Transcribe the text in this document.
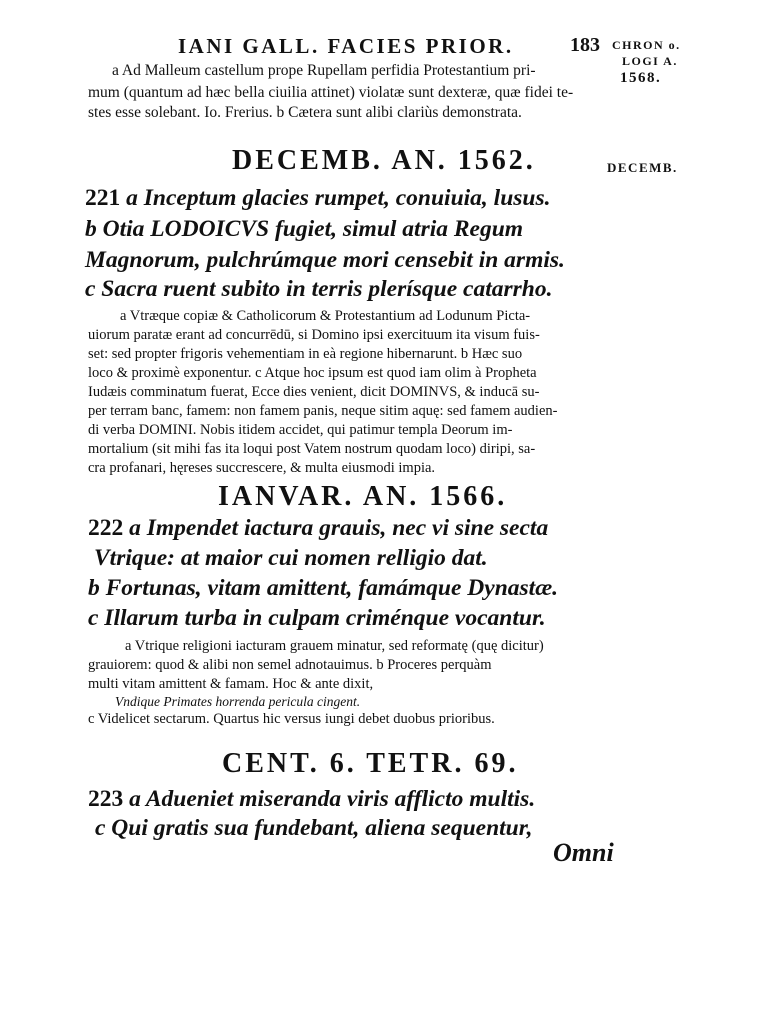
IANI GALL. FACIES PRIOR.	183 CHRON o.
LOGI A.
1568.
a Ad Malleum castellum prope Rupellam perfidia Protestantium pri-
mum (quantum ad hæc bella ciuilia attinet) violatæ sunt dexteræ, quæ fidei te-
stes esse solebant. Io. Frerius. b Cætera sunt alibi clariùs demonstrata.
DECEMB. AN. 1562.	DECEMB.
221 a Inceptum glacies rumpet, conuiuia, lusus.
b Otia LODOICVS fugiet, simul atria Regum
Magnorum, pulchrúmque mori censebit in armis.
c Sacra ruent subito in terris plerísque catarrho.
a Vtræque copiæ & Catholicorum & Protestantium ad Lodunum Picta-
uiorum paratæ erant ad concurrēdū, si Domino ipsi exercituum ita visum fuis-
set: sed propter frigoris vehementiam in eà regione hibernarunt. b Hæc suo
loco & proximè exponentur. c Atque hoc ipsum est quod iam olim à Propheta
Iudæis comminatum fuerat, Ecce dies venient, dicit DOMINVS, & inducā su-
per terram banc, famem: non famem panis, neque sitim aquę: sed famem audien-
di verba DOMINI. Nobis itidem accidet, qui patimur templa Deorum im-
mortalium (sit mihi fas ita loqui post Vatem nostrum quodam loco) diripi, sa-
cra profanari, hęreses succrescere, & multa eiusmodi impia.
IANVAR. AN. 1566.
222 a Impendet iactura grauis, nec vi sine secta
Vtrique: at maior cui nomen relligio dat.
b Fortunas, vitam amittent, famámque Dynastæ.
c Illarum turba in culpam criménque vocantur.
a Vtrique religioni iacturam grauem minatur, sed reformatę (quę dicitur)
grauiorem: quod & alibi non semel adnotauimus. b Proceres perquàm
multi vitam amittent & famam. Hoc & ante dixit,
Vndique Primates horrenda pericula cingent.
c Videlicet sectarum. Quartus hic versus iungi debet duobus prioribus.
CENT. 6. TETR. 69.
223 a Adueniet miseranda viris afflicto multis.
c Qui gratis sua fundebant, aliena sequentur,
Omni
